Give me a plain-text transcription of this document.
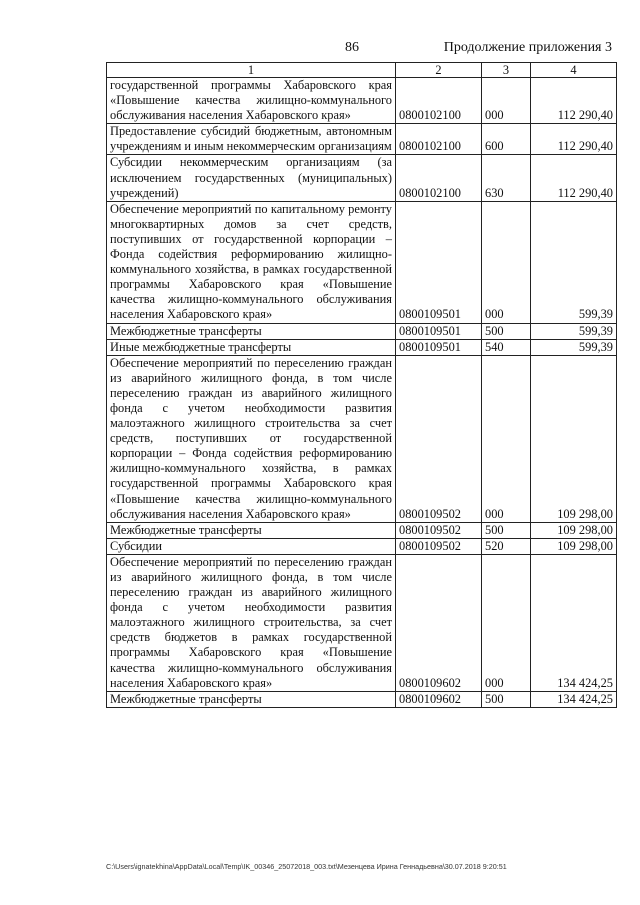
86	Продолжение приложения 3
1	2	3	4
государственной программы Хабаровского края «Повышение качества жилищно-коммунального обслуживания населения Хабаровского края»	0800102100	000	112 290,40
Предоставление субсидий бюджетным, автономным учреждениям и иным некоммерческим организациям	0800102100	600	112 290,40
Субсидии некоммерческим организациям (за исключением государственных (муниципальных) учреждений)	0800102100	630	112 290,40
Обеспечение мероприятий по капитальному ремонту многоквартирных домов за счет средств, поступивших от государственной корпорации – Фонда содействия реформированию жилищно-коммунального хозяйства, в рамках государственной программы Хабаровского края «Повышение качества жилищно-коммунального обслуживания населения Хабаровского края»	0800109501	000	599,39
Межбюджетные трансферты	0800109501	500	599,39
Иные межбюджетные трансферты	0800109501	540	599,39
Обеспечение мероприятий по переселению граждан из аварийного жилищного фонда, в том числе переселению граждан из аварийного жилищного фонда с учетом необходимости развития малоэтажного жилищного строительства за счет средств, поступивших от государственной корпорации – Фонда содействия реформированию жилищно-коммунального хозяйства, в рамках государственной программы Хабаровского края «Повышение качества жилищно-коммунального обслуживания населения Хабаровского края»	0800109502	000	109 298,00
Межбюджетные трансферты	0800109502	500	109 298,00
Субсидии	0800109502	520	109 298,00
Обеспечение мероприятий по переселению граждан из аварийного жилищного фонда, в том числе переселению граждан из аварийного жилищного фонда с учетом необходимости развития малоэтажного жилищного строительства, за счет средств бюджетов в рамках государственной программы Хабаровского края «Повышение качества жилищно-коммунального обслуживания населения Хабаровского края»	0800109602	000	134 424,25
Межбюджетные трансферты	0800109602	500	134 424,25
C:\Users\ignatekhina\AppData\Local\Temp\IK_00346_25072018_003.txt\Мезенцева Ирина Геннадьевна\30.07.2018 9:20:51
